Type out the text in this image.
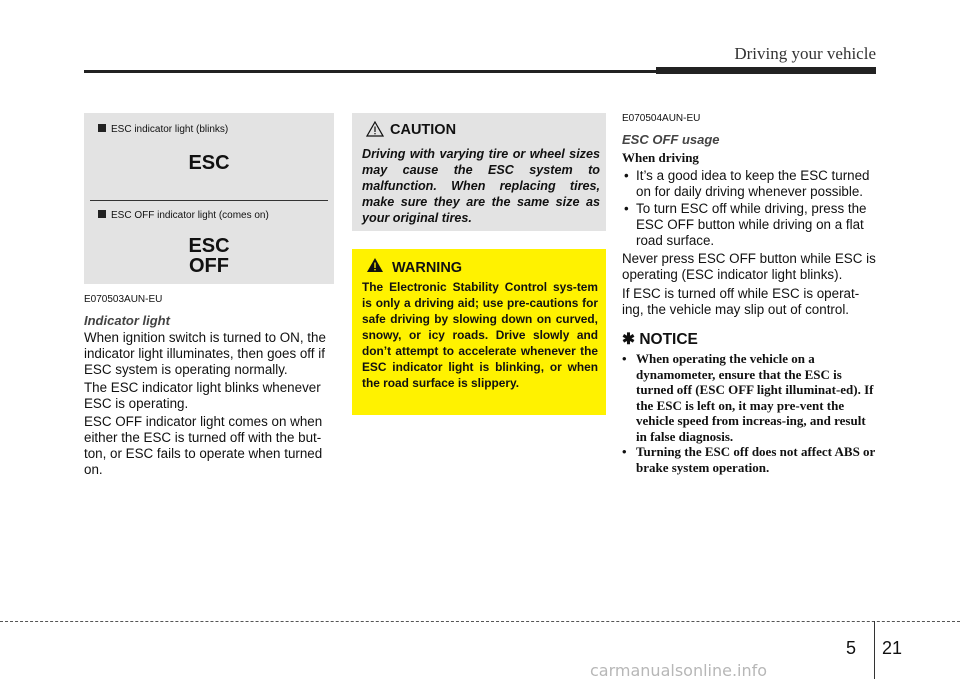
Driving your vehicle
ESC indicator light (blinks)
ESC
ESC OFF indicator light (comes on)
ESC
OFF
E070503AUN-EU
Indicator light

When ignition switch is turned to ON, the indicator light illuminates, then goes off if ESC system is operating normally.

The ESC indicator light blinks whenever ESC is operating.

ESC OFF indicator light comes on when either the ESC is turned off with the but-ton, or ESC fails to operate when turned on.

CAUTION
Driving with varying tire or wheel sizes may cause the ESC system to malfunction. When replacing tires, make sure they are the same size as your original tires.
WARNING
The Electronic Stability Control sys-tem is only a driving aid; use pre-cautions for safe driving by slowing down on curved, snowy, or icy roads. Drive slowly and don’t attempt to accelerate whenever the ESC indicator light is blinking, or when the road surface is slippery.
E070504AUN-EU
ESC OFF usage
When driving
• It’s a good idea to keep the ESC turned on for daily driving whenever possible.
• To turn ESC off while driving, press the ESC OFF button while driving on a flat road surface.

Never press ESC OFF button while ESC is operating (ESC indicator light blinks).

If ESC is turned off while ESC is operat-ing, the vehicle may slip out of control.

✱ NOTICE
• When operating the vehicle on a dynamometer, ensure that the ESC is turned off (ESC OFF light illuminat-ed). If the ESC is left on, it may pre-vent the vehicle speed from increas-ing, and result in false diagnosis.
• Turning the ESC off does not affect ABS or brake system operation.
5 21
carmanualsonline.info
